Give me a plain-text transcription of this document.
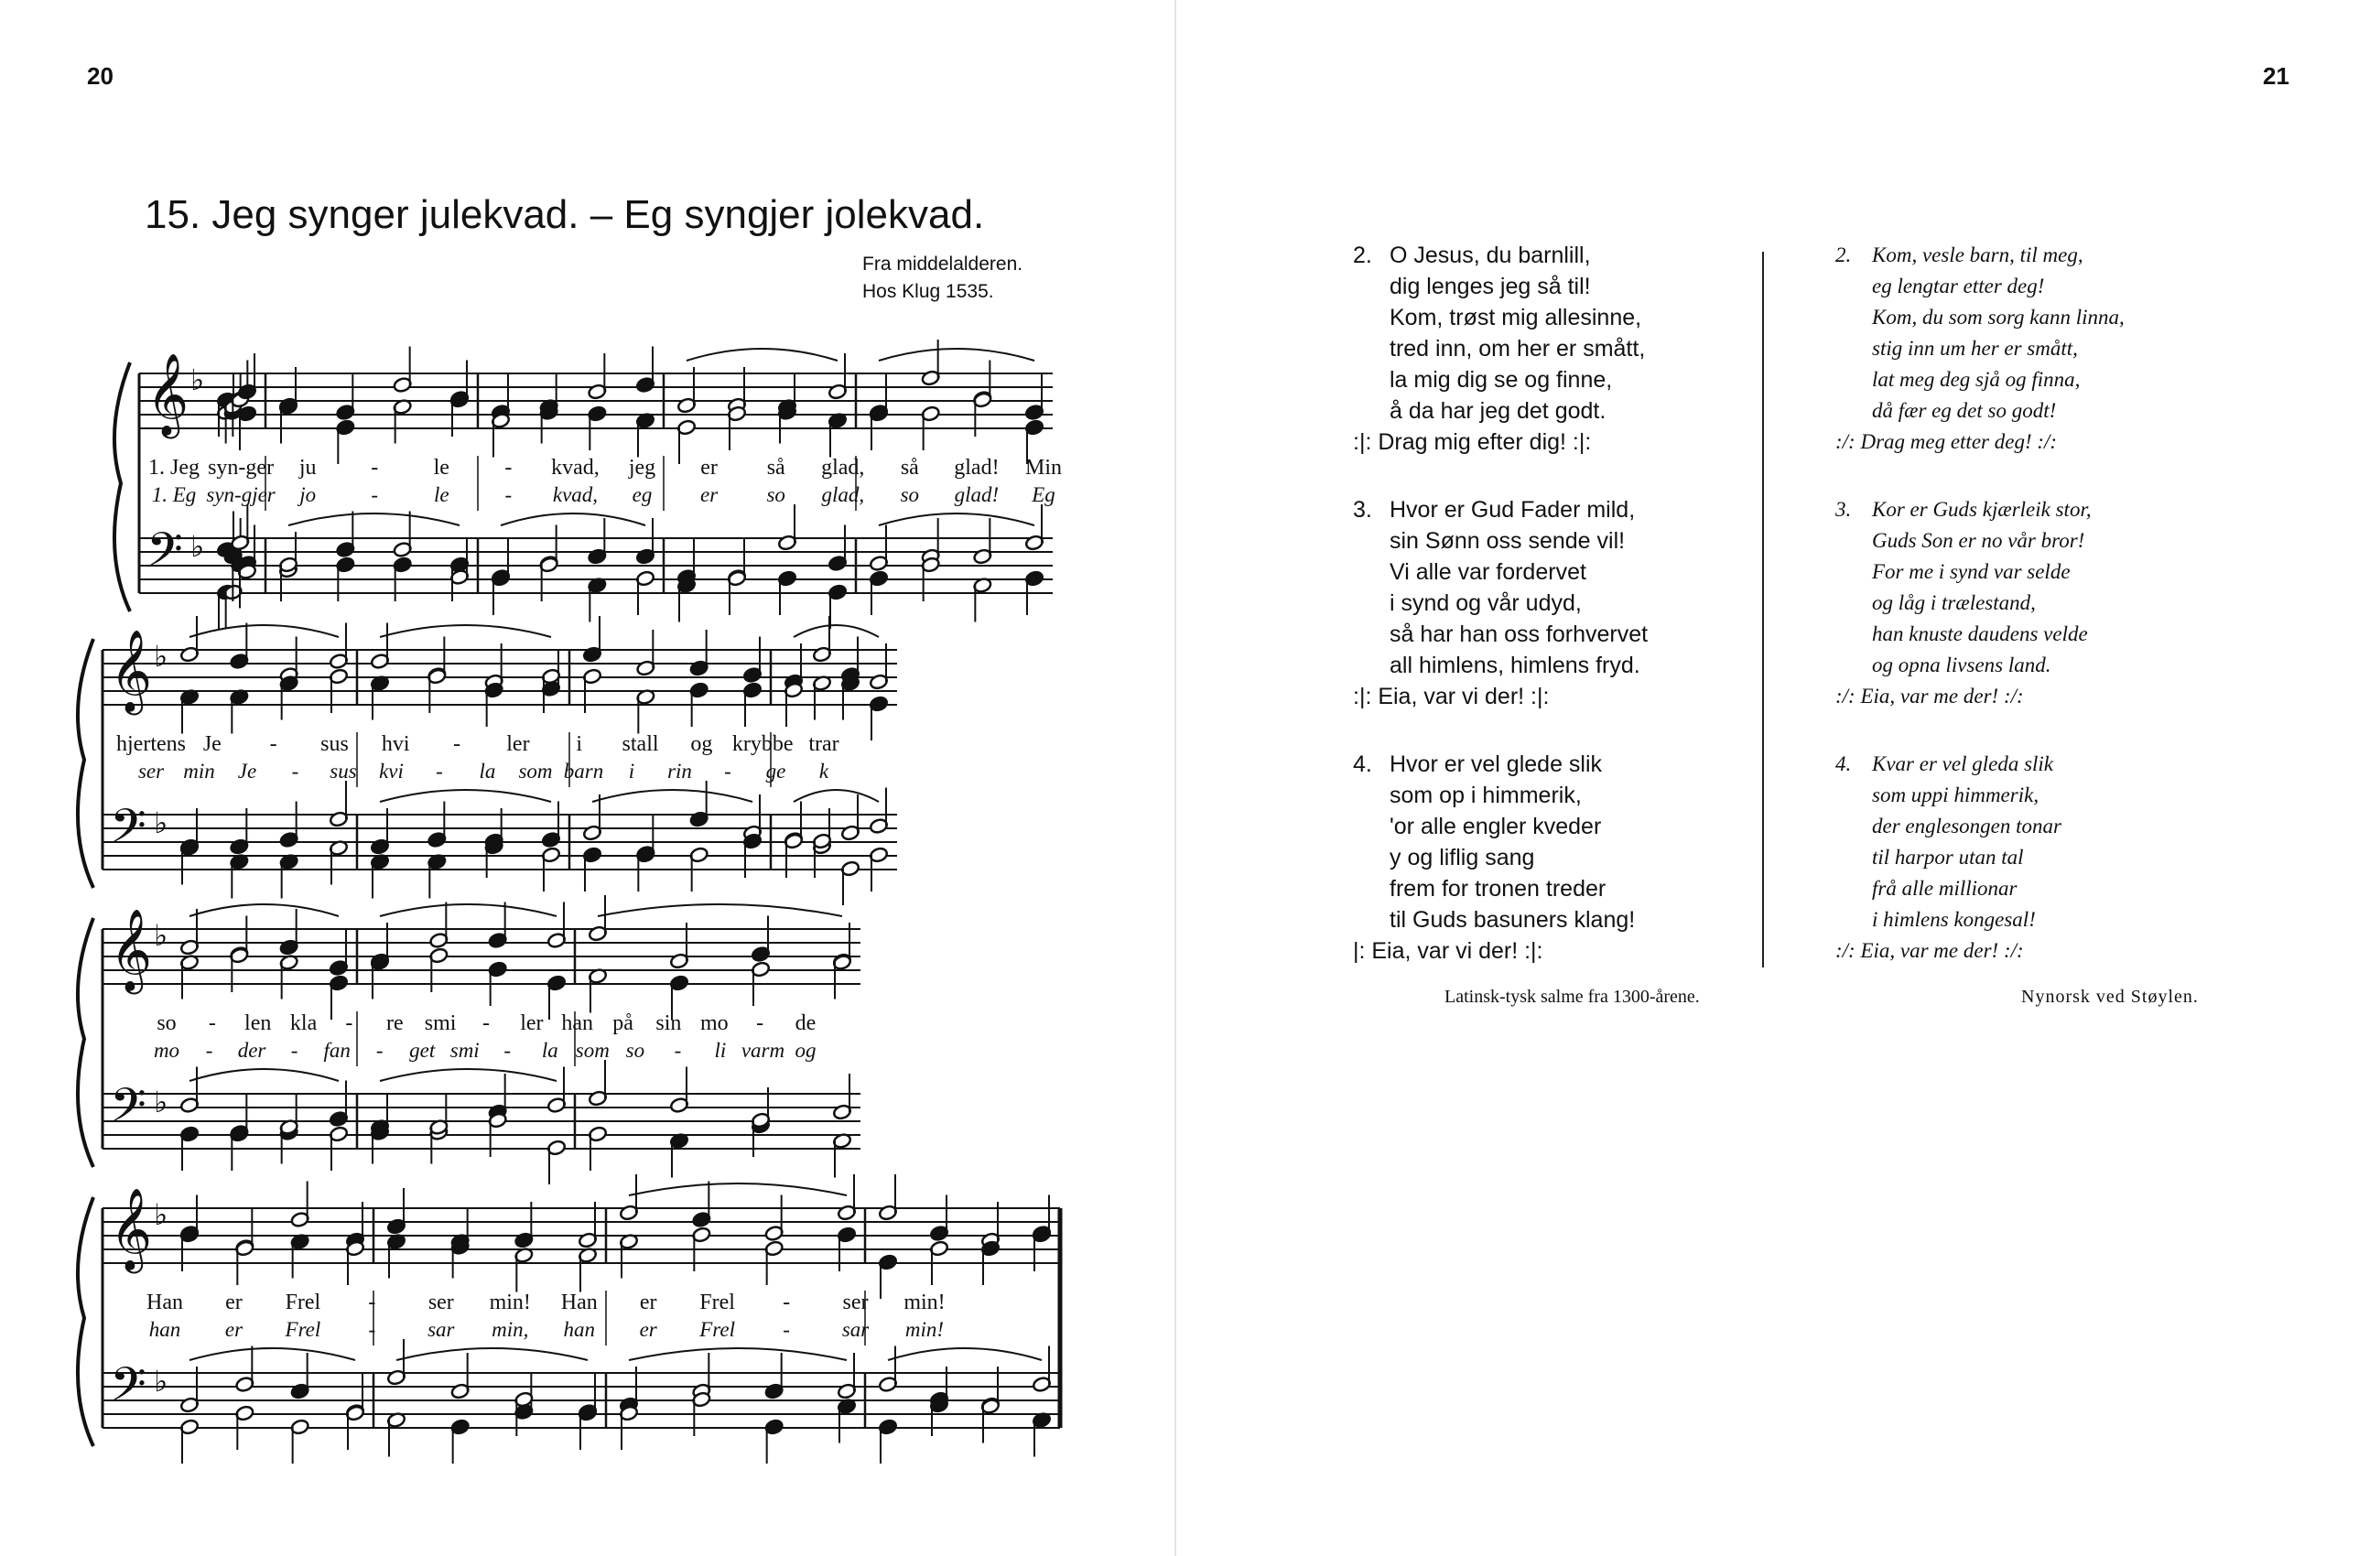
20	21
15. Jeg synger julekvad. – Eg syngjer jolekvad.
Fra middelalderen.
Hos Klug 1535.
𝄞 ♭
𝄢 ♭
1. Jeg syn-ger ju -	le	- kvad, jeg er så glad, så glad! Min
1. Eg syn-gjer jo	-	le	- kvad, eg er so glad, so glad! Eg
𝄞 ♭
𝄢 ♭
hjertens Je - sus hvi - ler i stall og krybbe trar
ser min Je - sus kvi - la som barn i rin - ge k
𝄞 ♭
𝄢 ♭
so - len kla - re smi - ler han på sin mo - de
mo - der - fan - get smi - la som so - li varm og
𝄞 ♭
𝄢 ♭
Han er Frel - ser min! Han er Frel - ser min!
han er Frel - sar min, han er Frel - sar min!
2. O Jesus, du barnlill,
dig lenges jeg så til!
Kom, trøst mig allesinne,
tred inn, om her er smått,
la mig dig se og finne,
å da har jeg det godt.
:|: Drag mig efter dig! :|:
3. Hvor er Gud Fader mild,
sin Sønn oss sende vil!
Vi alle var fordervet
i synd og vår udyd,
så har han oss forhvervet
all himlens, himlens fryd.
:|: Eia, var vi der! :|:
4. Hvor er vel glede slik
som op i himmerik,
'or alle engler kveder
y og liflig sang
frem for tronen treder
til Guds basuners klang!
|: Eia, var vi der! :|:
2. Kom, vesle barn, til meg,
eg lengtar etter deg!
Kom, du som sorg kann linna,
stig inn um her er smått,
lat meg deg sjå og finna,
då fær eg det so godt!
:/: Drag meg etter deg! :/:
3. Kor er Guds kjærleik stor,
Guds Son er no vår bror!
For me i synd var selde
og låg i trælestand,
han knuste daudens velde
og opna livsens land.
:/: Eia, var me der! :/:
4. Kvar er vel gleda slik
som uppi himmerik,
der englesongen tonar
til harpor utan tal
frå alle millionar
i himlens kongesal!
:/: Eia, var me der! :/:
Latinsk-tysk salme fra 1300-årene.	Nynorsk ved Støylen.
